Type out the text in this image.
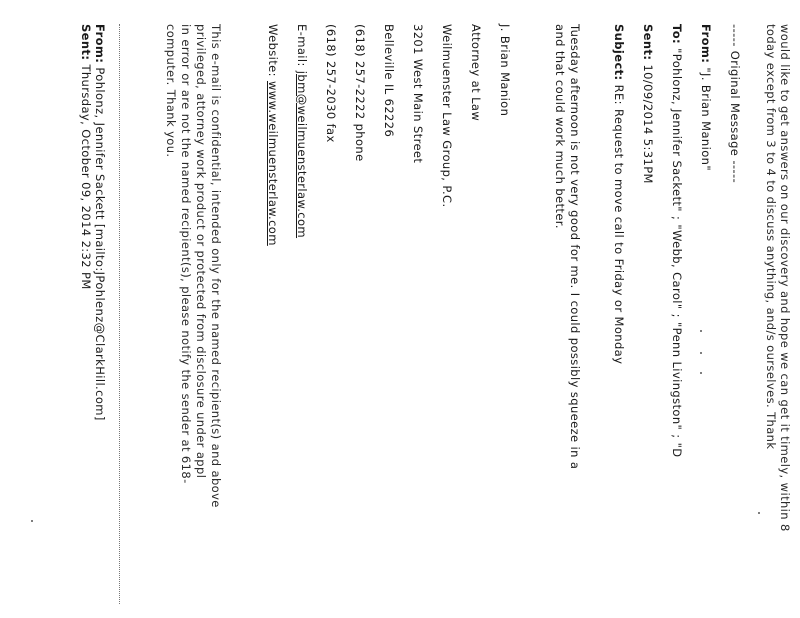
would like to get answers on our discovery and hope we can get it timely, within 8
today except from 3 to 4 to discuss anything, and/s ourselves. Thank
----- Original Message -----
From: "J. Brian Manion"
To: "Pohlonz, Jennifer Sackett" ; "Webb, Carol" ; "Penn Livingston" ; "D
Sent: 10/09/2014 5:31PM
Subject: RE: Request to move call to Friday or Monday
Tuesday afternoon is not very good for me. I could possibly squeeze in a
and that could work much better.
J. Brian Manion
Attorney at Law
Weilmuenster Law Group, P.C.
3201 West Main Street
Belleville IL 62226
(618) 257-2222 phone
(618) 257-2030 fax
E-mail: jbm@weilmuensterlaw.com
Website: www.weilmuensterlaw.com
This e-mail is confidential, intended only for the named recipient(s) and above
privileged, attorney work product or protected from disclosure under appl
in error or are not the named recipient(s), please notify the sender at 618-
computer. Thank you.
From: Pohlonz, Jennifer Sackett [mailto:JPohlenz@ClarkHill.com]
Sent: Thursday, October 09, 2014 2:32 PM
